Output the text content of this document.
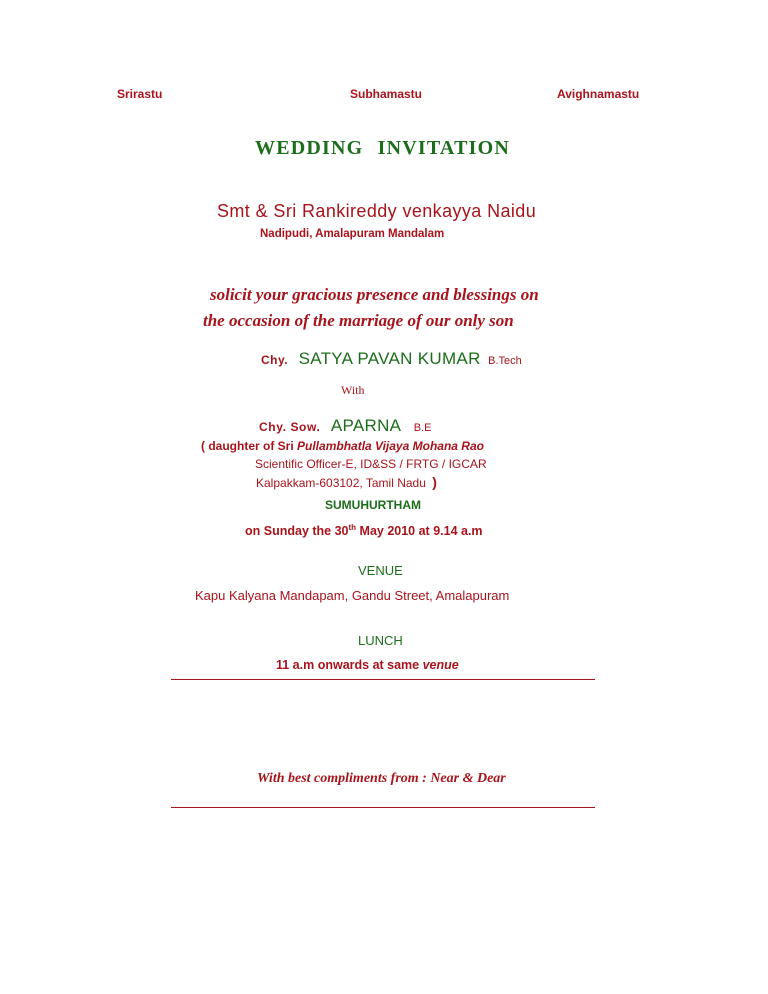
Srirastu	Subhamastu	Avighnamastu
WEDDING INVITATION
Smt & Sri Rankireddy venkayya Naidu
Nadipudi, Amalapuram Mandalam
solicit your gracious presence and blessings on
the occasion of the marriage of our only son
Chy. SATYA PAVAN KUMAR B.Tech
With
Chy. Sow. APARNA B.E
( daughter of Sri Pullambhatla Vijaya Mohana Rao
Scientific Officer-E, ID&SS / FRTG / IGCAR
Kalpakkam-603102, Tamil Nadu )
SUMUHURTHAM
on Sunday the 30th May 2010 at 9.14 a.m
VENUE
Kapu Kalyana Mandapam, Gandu Street, Amalapuram
LUNCH
11 a.m onwards at same venue
With best compliments from : Near & Dear
